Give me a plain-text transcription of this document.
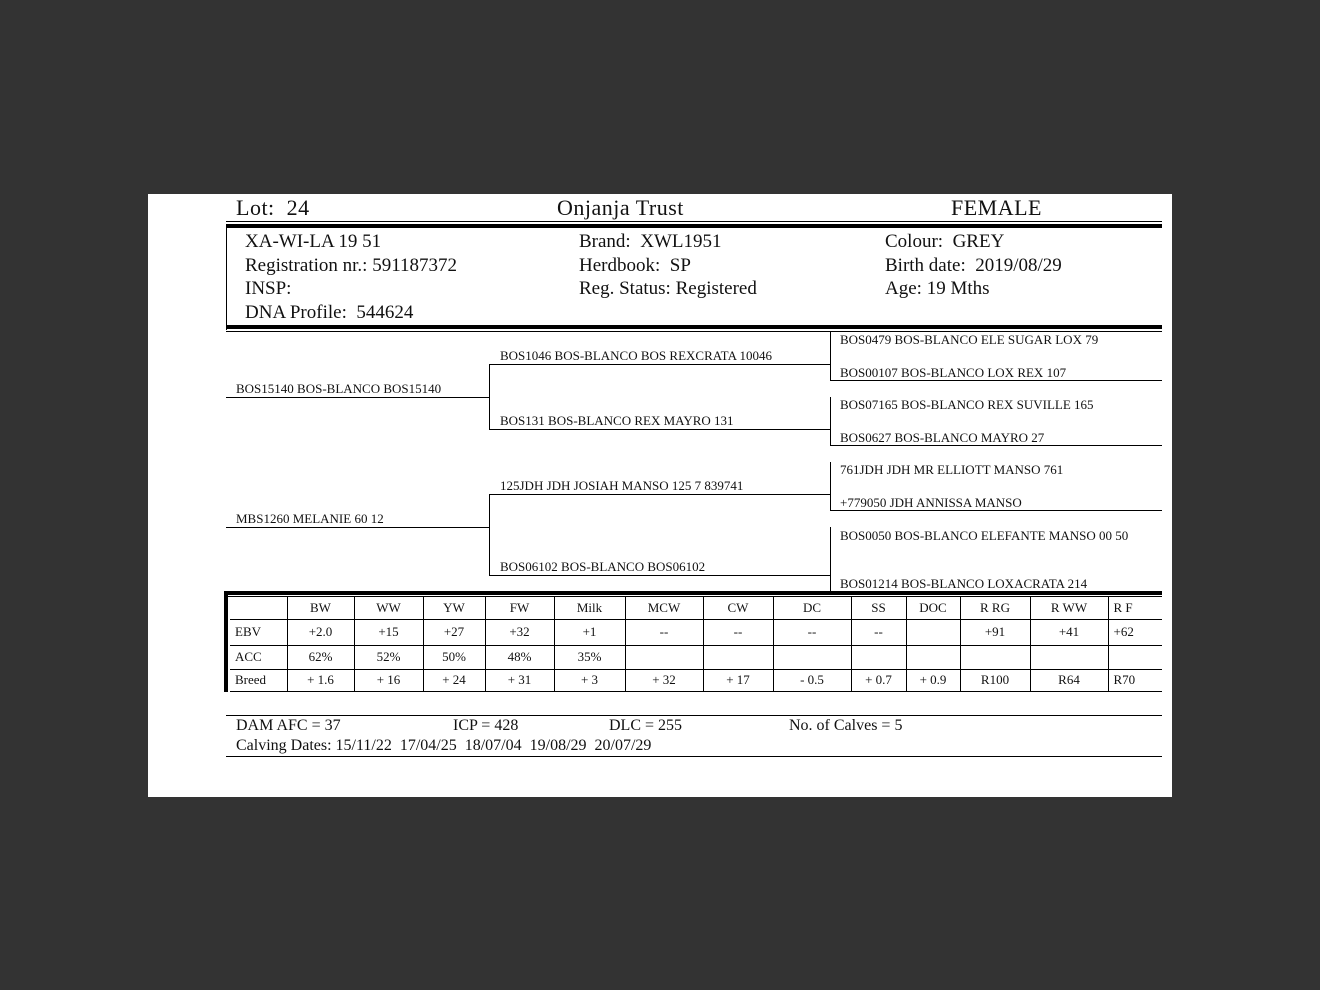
Lot: 24	Onjanja Trust	FEMALE
XA-WI-LA 19 51
Registration nr.: 591187372
INSP:
DNA Profile: 544624
Brand: XWL1951
Herdbook: SP
Reg. Status: Registered
Colour: GREY
Birth date: 2019/08/29
Age: 19 Mths
BOS15140 BOS-BLANCO BOS15140
MBS1260 MELANIE 60 12
BOS1046 BOS-BLANCO BOS REXCRATA 10046
BOS131 BOS-BLANCO REX MAYRO 131
125JDH JDH JOSIAH MANSO 125 7 839741
BOS06102 BOS-BLANCO BOS06102
BOS0479 BOS-BLANCO ELE SUGAR LOX 79
BOS00107 BOS-BLANCO LOX REX 107
BOS07165 BOS-BLANCO REX SUVILLE 165
BOS0627 BOS-BLANCO MAYRO 27
761JDH JDH MR ELLIOTT MANSO 761
+779050 JDH ANNISSA MANSO
BOS0050 BOS-BLANCO ELEFANTE MANSO 00 50
BOS01214 BOS-BLANCO LOXACRATA 214
	BW	WW	YW	FW	Milk	MCW	CW	DC	SS	DOC	R RG	R WW	R F
EBV	+2.0	+15	+27	+32	+1	--	--	--	--		+91	+41	+62
ACC	62%	52%	50%	48%	35%								
Breed	+ 1.6	+ 16	+ 24	+ 31	+ 3	+ 32	+ 17	- 0.5	+ 0.7	+ 0.9	R100	R64	R70
DAM AFC = 37	ICP = 428	DLC = 255	No. of Calves = 5
Calving Dates: 15/11/22 17/04/25 18/07/04 19/08/29 20/07/29
